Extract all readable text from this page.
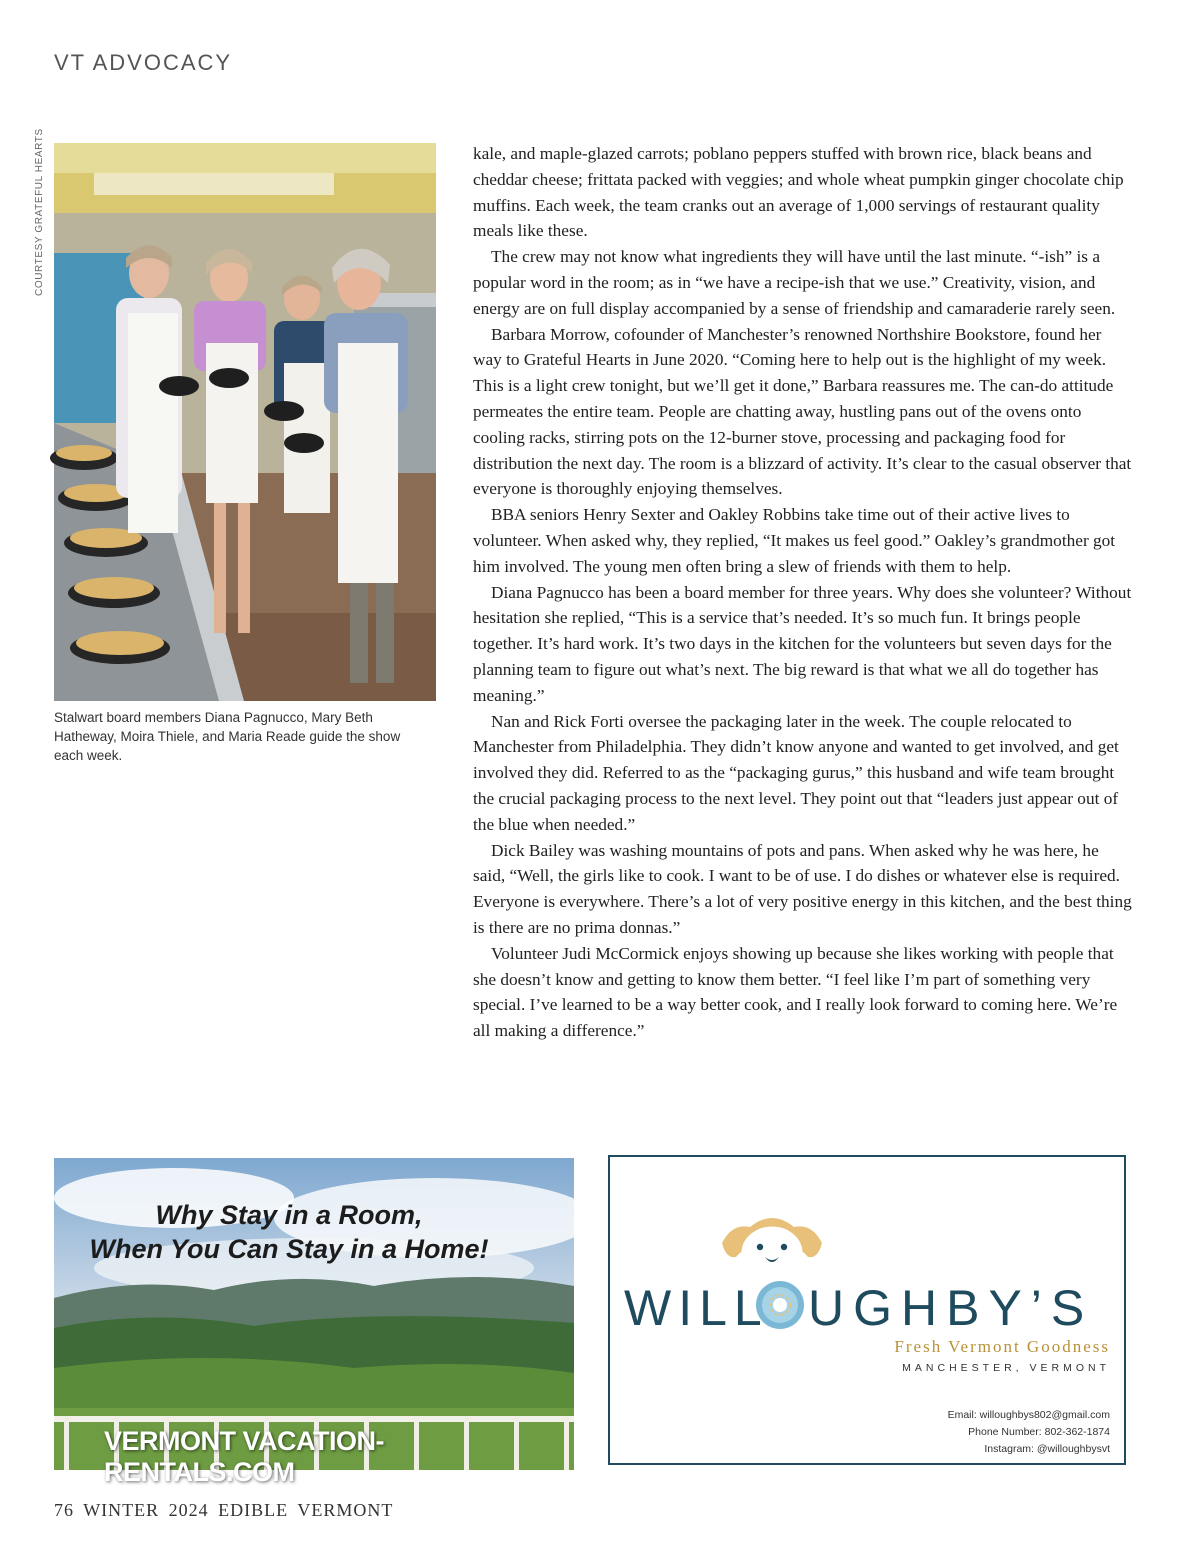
VT ADVOCACY
COURTESY GRATEFUL HEARTS
Stalwart board members Diana Pagnucco, Mary Beth Hatheway, Moira Thiele, and Maria Reade guide the show each week.

kale, and maple-glazed carrots; poblano peppers stuffed with brown rice, black beans and cheddar cheese; frittata packed with veggies; and whole wheat pumpkin ginger chocolate chip muffins. Each week, the team cranks out an average of 1,000 servings of restaurant quality meals like these.

The crew may not know what ingredients they will have until the last minute. “-ish” is a popular word in the room; as in “we have a recipe-ish that we use.” Creativity, vision, and energy are on full display accompanied by a sense of friendship and camaraderie rarely seen.

Barbara Morrow, cofounder of Manchester’s renowned Northshire Bookstore, found her way to Grateful Hearts in June 2020. “Coming here to help out is the highlight of my week. This is a light crew tonight, but we’ll get it done,” Barbara reassures me. The can-do attitude permeates the entire team. People are chatting away, hustling pans out of the ovens onto cooling racks, stirring pots on the 12-burner stove, processing and packaging food for distribution the next day. The room is a blizzard of activity. It’s clear to the casual observer that everyone is thoroughly enjoying themselves.

BBA seniors Henry Sexter and Oakley Robbins take time out of their active lives to volunteer. When asked why, they replied, “It makes us feel good.” Oakley’s grandmother got him involved. The young men often bring a slew of friends with them to help.

Diana Pagnucco has been a board member for three years. Why does she volunteer? Without hesitation she replied, “This is a service that’s needed. It’s so much fun. It brings people together. It’s hard work. It’s two days in the kitchen for the volunteers but seven days for the planning team to figure out what’s next. The big reward is that what we all do together has meaning.”

Nan and Rick Forti oversee the packaging later in the week. The couple relocated to Manchester from Philadelphia. They didn’t know anyone and wanted to get involved, and get involved they did. Referred to as the “packaging gurus,” this husband and wife team brought the crucial packaging process to the next level. They point out that “leaders just appear out of the blue when needed.”

Dick Bailey was washing mountains of pots and pans. When asked why he was here, he said, “Well, the girls like to cook. I want to be of use. I do dishes or whatever else is required. Everyone is everywhere. There’s a lot of very positive energy in this kitchen, and the best thing is there are no prima donnas.”

Volunteer Judi McCormick enjoys showing up because she likes working with people that she doesn’t know and getting to know them better. “I feel like I’m part of something very special. I’ve learned to be a way better cook, and I really look forward to coming here. We’re all making a difference.”

Why Stay in a Room,
When You Can Stay in a Home!
VERMONT VACATION-RENTALS.COM
WILL UGHBY’S
Fresh Vermont Goodness
MANCHESTER, VERMONT
Email: willoughbys802@gmail.com
Phone Number: 802-362-1874
Instagram: @willoughbysvt
76 WINTER 2024 EDIBLE VERMONT
